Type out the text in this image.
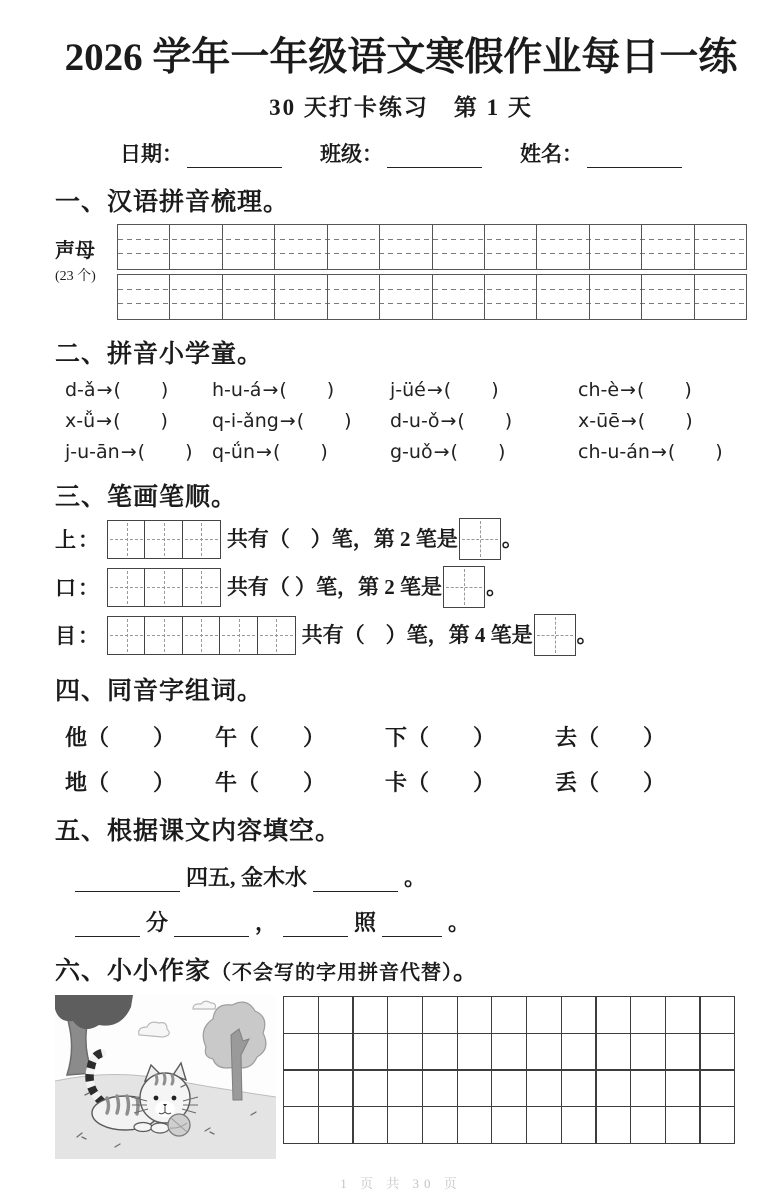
2026 学年一年级语文寒假作业每日一练
30 天打卡练习　第 1 天
日期：	班级：	姓名：
一、汉语拼音梳理。
声母
(23 个)
二、拼音小学童。
d-ǎ → ( ) h-u-á → ( )	j-üé → ( )	ch-è → ( )
x-ǚ → ( ) q-i-ǎng → ( ) d-u-ǒ → ( )	x-ūē → ( )
j-u-ān → ( ) q-ǘn → ( )	g-uǒ → ( )	ch-u-án → ( )
三、笔画笔顺。
上：	共有（　）笔，第 2 笔是 。
口：	共有（ ）笔，第 2 笔是 。
目：	共有（　）笔，第 4 笔是 。
四、同音字组词。
他（　　）	午（　　）	下（　　）	去（　　）
地（　　）	牛（　　）	卡（　　）	丢（　　）
五、根据课文内容填空。
四五, 金木水	。
分	，	照	。
六、小小作家（不会写的字用拼音代替）。
1 页 共 30 页
